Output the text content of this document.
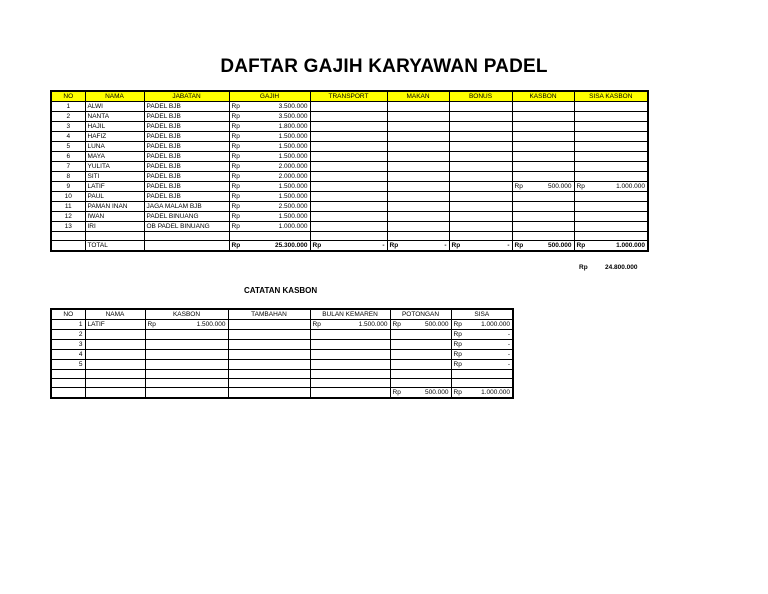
DAFTAR GAJIH KARYAWAN PADEL
NO	NAMA	JABATAN	GAJIH		TRANSPORT	MAKAN	BONUS	KASBON		SISA KASBON	
1	ALWI	PADEL BJB	Rp	3.500.000							
2	NANTA	PADEL BJB	Rp	3.500.000							
3	HAJIL	PADEL BJB	Rp	1.800.000							
4	HAFIZ	PADEL BJB	Rp	1.500.000							
5	LUNA	PADEL BJB	Rp	1.500.000							
6	MAYA	PADEL BJB	Rp	1.500.000							
7	YULITA	PADEL BJB	Rp	2.000.000							
8	SITI	PADEL BJB	Rp	2.000.000							
9	LATIF	PADEL BJB	Rp	1.500.000				Rp	500.000	Rp	1.000.000
10	PAUL	PADEL BJB	Rp	1.500.000							
11	PAMAN INAN	JAGA MALAM BJB	Rp	2.500.000							
12	IWAN	PADEL BINUANG	Rp	1.500.000							
13	IRI	OB PADEL BINUANG	Rp	1.000.000							

	TOTAL		Rp	25.300.000	Rp -	Rp -	Rp -	Rp	500.000	Rp	1.000.000
Rp	24.800.000
CATATAN KASBON
NO	NAMA	KASBON		TAMBAHAN	BULAN KEMAREN		POTONGAN		SISA	
1	LATIF	Rp	1.500.000		Rp	1.500.000	Rp	500.000	Rp	1.000.000
2									Rp	-
3									Rp	-
4									Rp	-
5									Rp	-

							Rp	500.000	Rp	1.000.000
